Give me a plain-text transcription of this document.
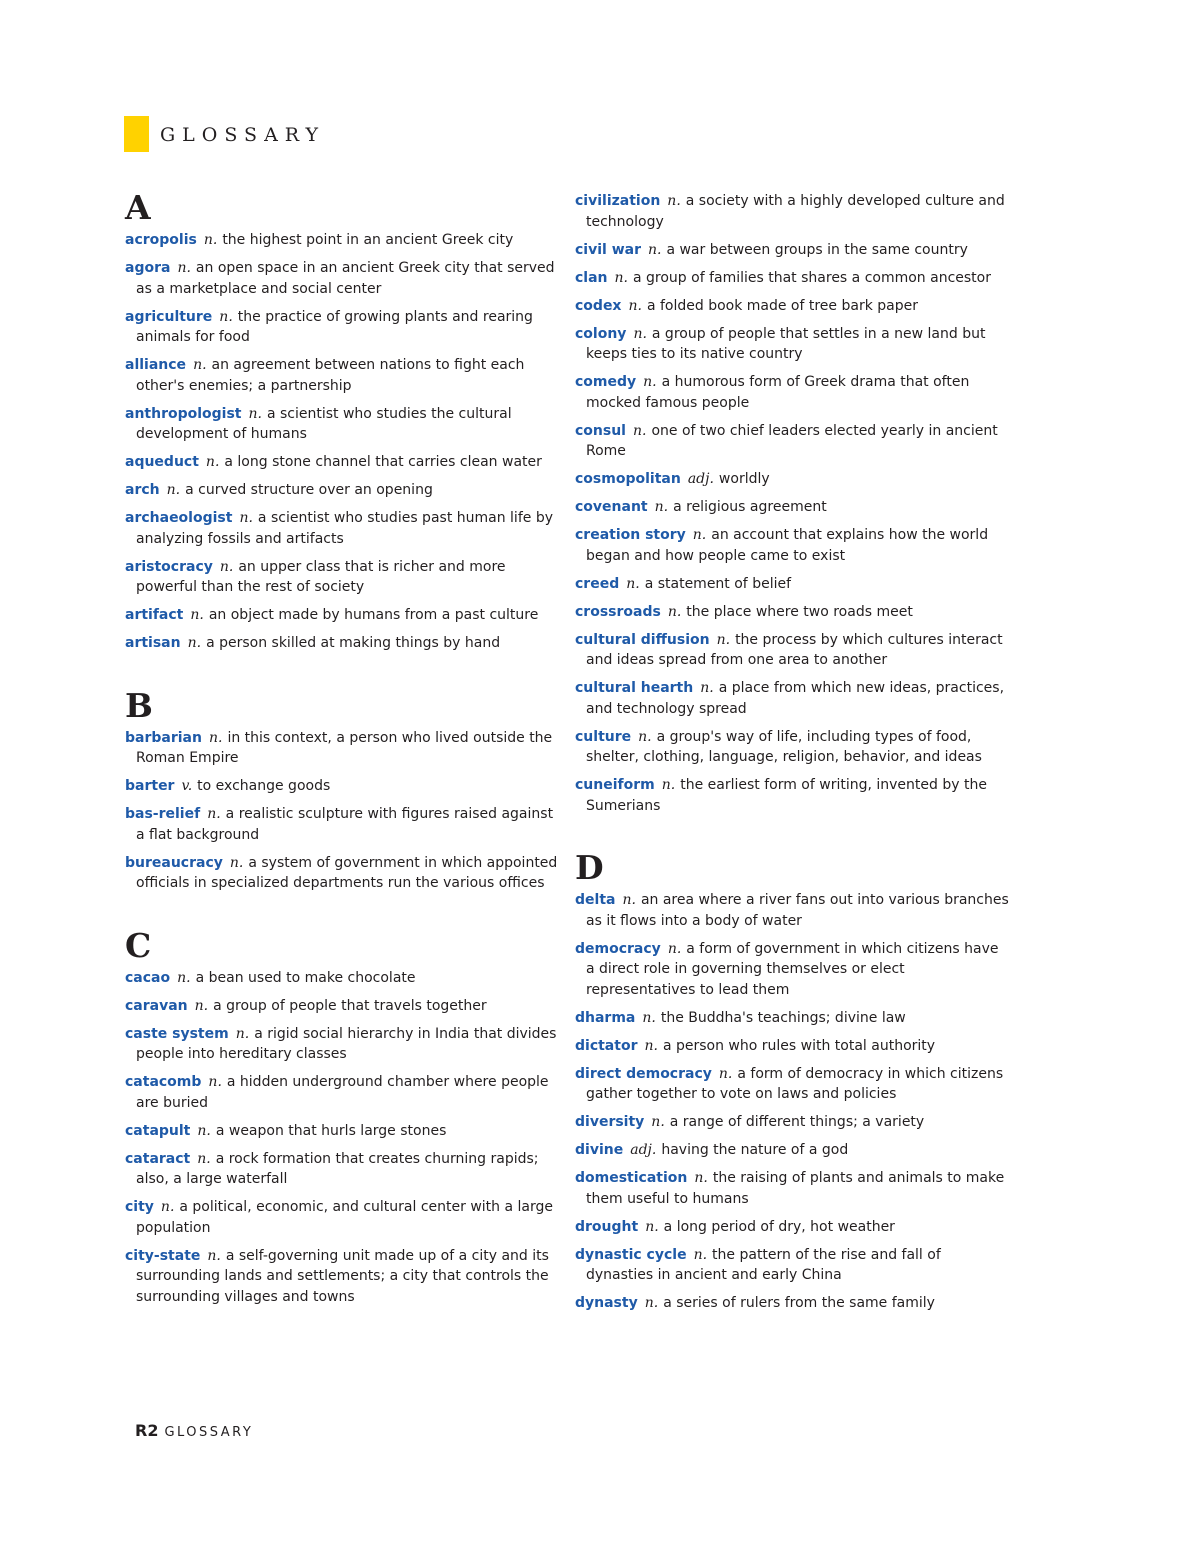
GLOSSARY
A
acropolis n. the highest point in an ancient Greek city
agora n. an open space in an ancient Greek city that served as a marketplace and social center
agriculture n. the practice of growing plants and rearing animals for food
alliance n. an agreement between nations to fight each other's enemies; a partnership
anthropologist n. a scientist who studies the cultural development of humans
aqueduct n. a long stone channel that carries clean water
arch n. a curved structure over an opening
archaeologist n. a scientist who studies past human life by analyzing fossils and artifacts
aristocracy n. an upper class that is richer and more powerful than the rest of society
artifact n. an object made by humans from a past culture
artisan n. a person skilled at making things by hand
B
barbarian n. in this context, a person who lived outside the Roman Empire
barter v. to exchange goods
bas-relief n. a realistic sculpture with figures raised against a flat background
bureaucracy n. a system of government in which appointed officials in specialized departments run the various offices
C
cacao n. a bean used to make chocolate
caravan n. a group of people that travels together
caste system n. a rigid social hierarchy in India that divides people into hereditary classes
catacomb n. a hidden underground chamber where people are buried
catapult n. a weapon that hurls large stones
cataract n. a rock formation that creates churning rapids; also, a large waterfall
city n. a political, economic, and cultural center with a large population
city-state n. a self-governing unit made up of a city and its surrounding lands and settlements; a city that controls the surrounding villages and towns
civilization n. a society with a highly developed culture and technology
civil war n. a war between groups in the same country
clan n. a group of families that shares a common ancestor
codex n. a folded book made of tree bark paper
colony n. a group of people that settles in a new land but keeps ties to its native country
comedy n. a humorous form of Greek drama that often mocked famous people
consul n. one of two chief leaders elected yearly in ancient Rome
cosmopolitan adj. worldly
covenant n. a religious agreement
creation story n. an account that explains how the world began and how people came to exist
creed n. a statement of belief
crossroads n. the place where two roads meet
cultural diffusion n. the process by which cultures interact and ideas spread from one area to another
cultural hearth n. a place from which new ideas, practices, and technology spread
culture n. a group's way of life, including types of food, shelter, clothing, language, religion, behavior, and ideas
cuneiform n. the earliest form of writing, invented by the Sumerians
D
delta n. an area where a river fans out into various branches as it flows into a body of water
democracy n. a form of government in which citizens have a direct role in governing themselves or elect representatives to lead them
dharma n. the Buddha's teachings; divine law
dictator n. a person who rules with total authority
direct democracy n. a form of democracy in which citizens gather together to vote on laws and policies
diversity n. a range of different things; a variety
divine adj. having the nature of a god
domestication n. the raising of plants and animals to make them useful to humans
drought n. a long period of dry, hot weather
dynastic cycle n. the pattern of the rise and fall of dynasties in ancient and early China
dynasty n. a series of rulers from the same family
R2 GLOSSARY
